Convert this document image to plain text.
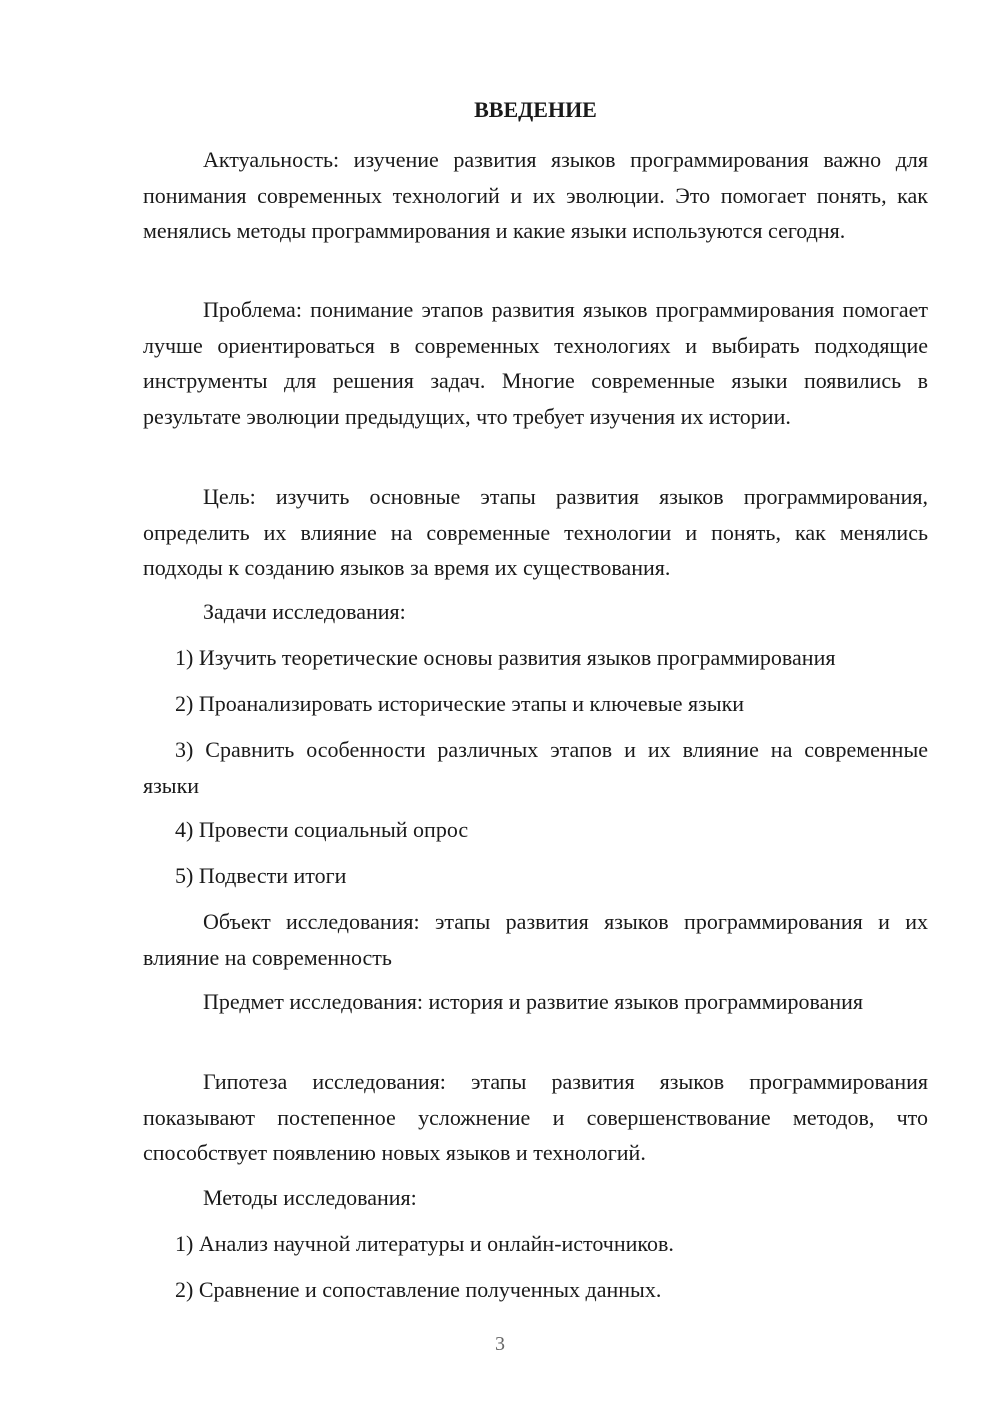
ВВЕДЕНИЕ

Актуальность: изучение развития языков программирования важно для понимания современных технологий и их эволюции. Это помогает понять, как менялись методы программирования и какие языки используются сегодня.

Проблема: понимание этапов развития языков программирования помогает лучше ориентироваться в современных технологиях и выбирать подходящие инструменты для решения задач. Многие современные языки появились в результате эволюции предыдущих, что требует изучения их истории.

Цель: изучить основные этапы развития языков программирования, определить их влияние на современные технологии и понять, как менялись подходы к созданию языков за время их существования.

Задачи исследования:

1) Изучить теоретические основы развития языков программирования

2) Проанализировать исторические этапы и ключевые языки

3) Сравнить особенности различных этапов и их влияние на современные языки

4) Провести социальный опрос

5) Подвести итоги

Объект исследования: этапы развития языков программирования и их влияние на современность

Предмет исследования: история и развитие языков программирования

Гипотеза исследования: этапы развития языков программирования показывают постепенное усложнение и совершенствование методов, что способствует появлению новых языков и технологий.

Методы исследования:

1) Анализ научной литературы и онлайн-источников.

2) Сравнение и сопоставление полученных данных.

3
